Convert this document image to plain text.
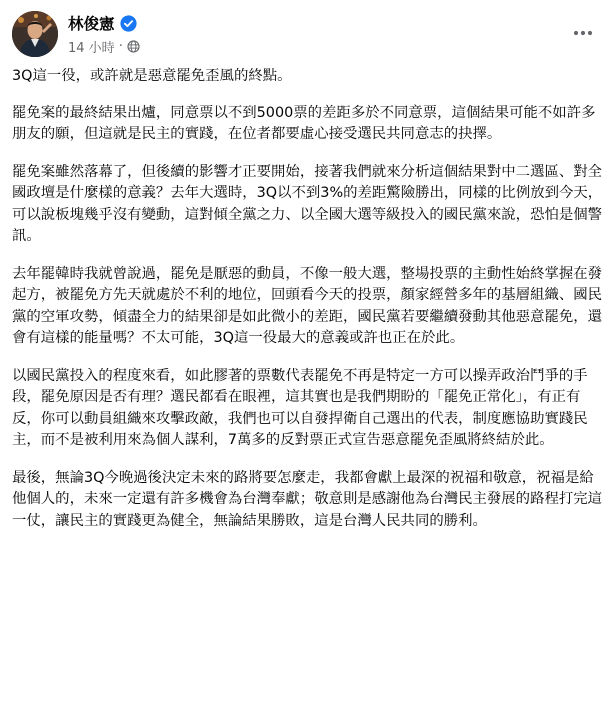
林俊憲
14 小時 ·

3Q這一役，或許就是惡意罷免歪風的終點。

罷免案的最終結果出爐，同意票以不到5000票的差距多於不同意票，這個結果可能不如許多朋友的願，但這就是民主的實踐，在位者都要虛心接受選民共同意志的抉擇。

罷免案雖然落幕了，但後續的影響才正要開始，接著我們就來分析這個結果對中二選區、對全國政壇是什麼樣的意義？去年大選時，3Q以不到3%的差距驚險勝出，同樣的比例放到今天，可以說板塊幾乎沒有變動，這對傾全黨之力、以全國大選等級投入的國民黨來說，恐怕是個警訊。

去年罷韓時我就曾說過，罷免是厭惡的動員，不像一般大選，整場投票的主動性始終掌握在發起方，被罷免方先天就處於不利的地位，回頭看今天的投票，顏家經營多年的基層組織、國民黨的空軍攻勢，傾盡全力的結果卻是如此微小的差距，國民黨若要繼續發動其他惡意罷免，還會有這樣的能量嗎？不太可能，3Q這一役最大的意義或許也正在於此。

以國民黨投入的程度來看，如此膠著的票數代表罷免不再是特定一方可以操弄政治鬥爭的手段，罷免原因是否有理？選民都看在眼裡，這其實也是我們期盼的「罷免正常化」，有正有反，你可以動員組織來攻擊政敵，我們也可以自發捍衛自己選出的代表，制度應協助實踐民主，而不是被利用來為個人謀利，7萬多的反對票正式宣告惡意罷免歪風將終結於此。

最後，無論3Q今晚過後決定未來的路將要怎麼走，我都會獻上最深的祝福和敬意，祝福是給他個人的，未來一定還有許多機會為台灣奉獻；敬意則是感謝他為台灣民主發展的路程打完這一仗，讓民主的實踐更為健全，無論結果勝敗，這是台灣人民共同的勝利。
